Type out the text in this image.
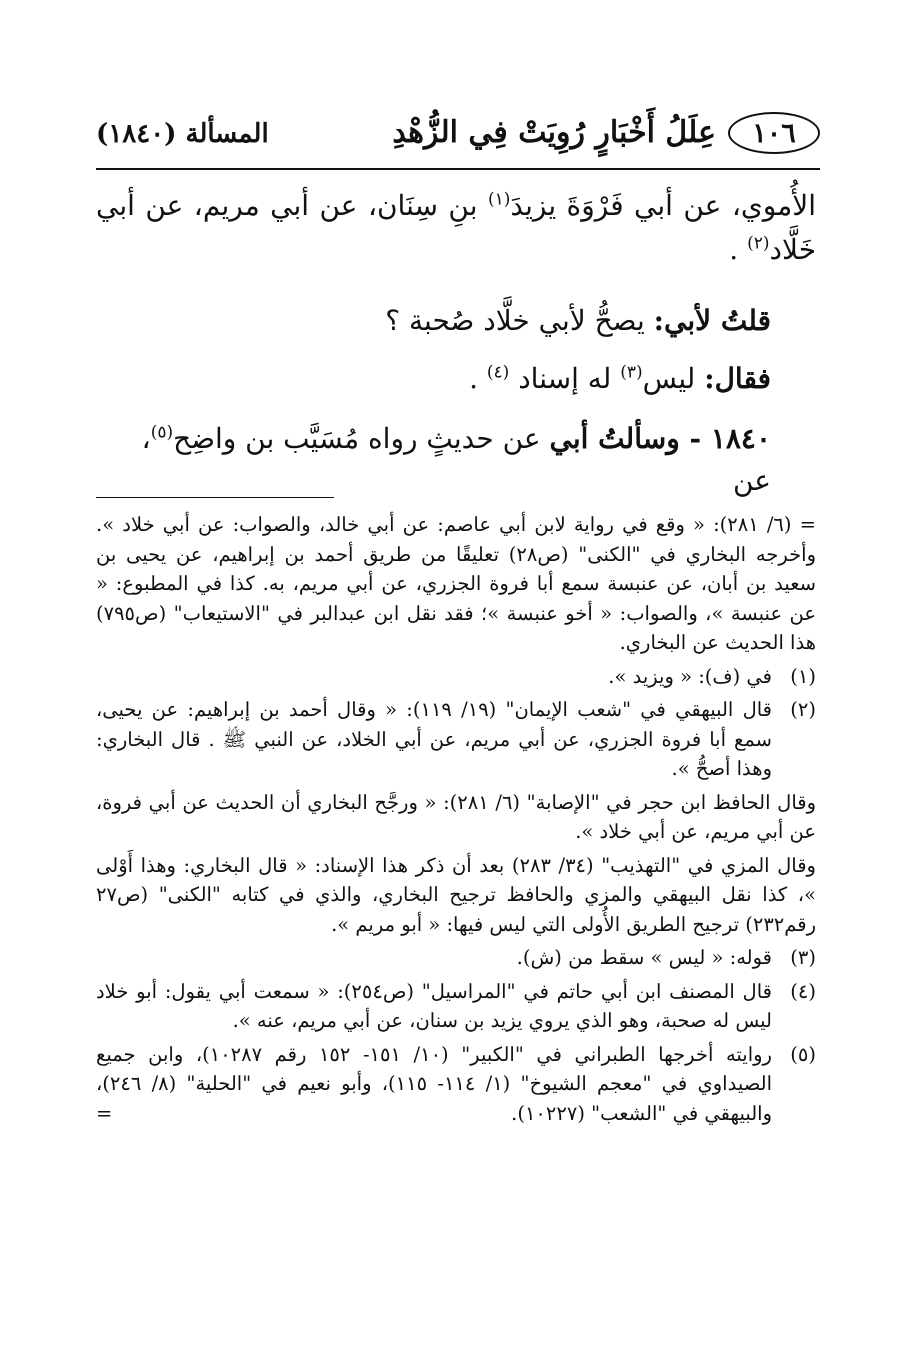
١٠٦
عِلَلُ أَخْبَارٍ رُوِيَتْ فِي الزُّهْدِ
المسألة (١٨٤٠)

الأُموي، عن أبي فَرْوَةَ يزيدَ$^{(١)}$ بنِ سِنَان، عن أبي مريم، عن أبي خَلَّاد$^{(٢)}$ .

قلتُ لأبي: يصحُّ لأبي خلَّاد صُحبة ؟

فقال: ليس$^{(٣)}$ له إسناد $^{(٤)}$ .

١٨٤٠ - وسألتُ أبي عن حديثٍ رواه مُسَيَّب بن واضِح$^{(٥)}$، عن

= (٦/ ٢٨١): « وقع في رواية لابن أبي عاصم: عن أبي خالد، والصواب: عن أبي خلاد ». وأخرجه البخاري في "الكنى" (ص٢٨) تعليقًا من طريق أحمد بن إبراهيم، عن يحيى بن سعيد بن أبان، عن عنبسة سمع أبا فروة الجزري، عن أبي مريم، به. كذا في المطبوع: « عن عنبسة »، والصواب: « أخو عنبسة »؛ فقد نقل ابن عبدالبر في "الاستيعاب" (ص٧٩٥) هذا الحديث عن البخاري.

(١)

في (ف): « ويزيد ».

(٢)

قال البيهقي في "شعب الإيمان" (١٩/ ١١٩): « وقال أحمد بن إبراهيم: عن يحيى، سمع أبا فروة الجزري، عن أبي مريم، عن أبي الخلاد، عن النبي ﷺ . قال البخاري: وهذا أصحُّ ».

وقال الحافظ ابن حجر في "الإصابة" (٦/ ٢٨١): « ورجَّح البخاري أن الحديث عن أبي فروة، عن أبي مريم، عن أبي خلاد ».

وقال المزي في "التهذيب" (٣٤/ ٢٨٣) بعد أن ذكر هذا الإسناد: « قال البخاري: وهذا أَوْلى »، كذا نقل البيهقي والمزي والحافظ ترجيح البخاري، والذي في كتابه "الكنى" (ص٢٧ رقم٢٣٢) ترجيح الطريق الأُولى التي ليس فيها: « أبو مريم ».

(٣)

قوله: « ليس » سقط من (ش).

(٤)

قال المصنف ابن أبي حاتم في "المراسيل" (ص٢٥٤): « سمعت أبي يقول: أبو خلاد ليس له صحبة، وهو الذي يروي يزيد بن سنان، عن أبي مريم، عنه ».

(٥)

روايته أخرجها الطبراني في "الكبير" (١٠/ ١٥١- ١٥٢ رقم ١٠٢٨٧)، وابن جميع الصيداوي في "معجم الشيوخ" (١/ ١١٤- ١١٥)، وأبو نعيم في "الحلية" (٨/ ٢٤٦)، والبيهقي في "الشعب" (١٠٢٢٧).
=
